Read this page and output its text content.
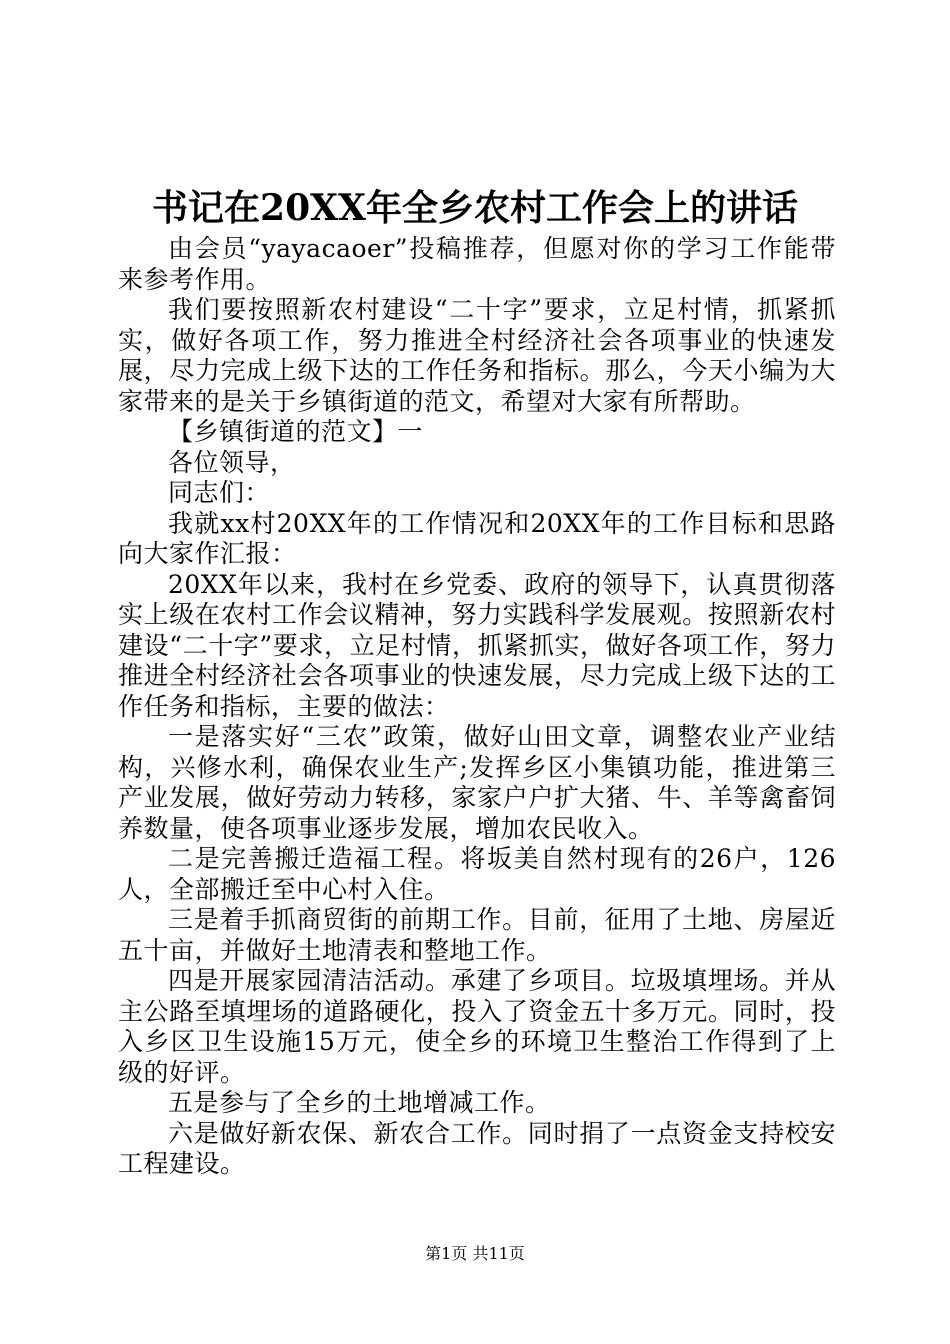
书记在20XX年全乡农村工作会上的讲话

由会员“yayacaoer”投稿推荐，但愿对你的学习工作能带来参考作用。

我们要按照新农村建设“二十字”要求，立足村情，抓紧抓实，做好各项工作，努力推进全村经济社会各项事业的快速发展，尽力完成上级下达的工作任务和指标。那么，今天小编为大家带来的是关于乡镇街道的范文，希望对大家有所帮助。

【乡镇街道的范文】一

各位领导，

同志们：

我就xx村20XX年的工作情况和20XX年的工作目标和思路向大家作汇报：

20XX年以来，我村在乡党委、政府的领导下，认真贯彻落实上级在农村工作会议精神，努力实践科学发展观。按照新农村建设“二十字”要求，立足村情，抓紧抓实，做好各项工作，努力推进全村经济社会各项事业的快速发展，尽力完成上级下达的工作任务和指标，主要的做法：

一是落实好“三农”政策，做好山田文章，调整农业产业结构，兴修水利，确保农业生产;发挥乡区小集镇功能，推进第三产业发展，做好劳动力转移，家家户户扩大猪、牛、羊等禽畜饲养数量，使各项事业逐步发展，增加农民收入。

二是完善搬迁造福工程。将坂美自然村现有的26户，126人，全部搬迁至中心村入住。

三是着手抓商贸街的前期工作。目前，征用了土地、房屋近五十亩，并做好土地清表和整地工作。

四是开展家园清洁活动。承建了乡项目。垃圾填埋场。并从主公路至填埋场的道路硬化，投入了资金五十多万元。同时，投入乡区卫生设施15万元，使全乡的环境卫生整治工作得到了上级的好评。

五是参与了全乡的土地增减工作。

六是做好新农保、新农合工作。同时捐了一点资金支持校安工程建设。

第1页 共11页
